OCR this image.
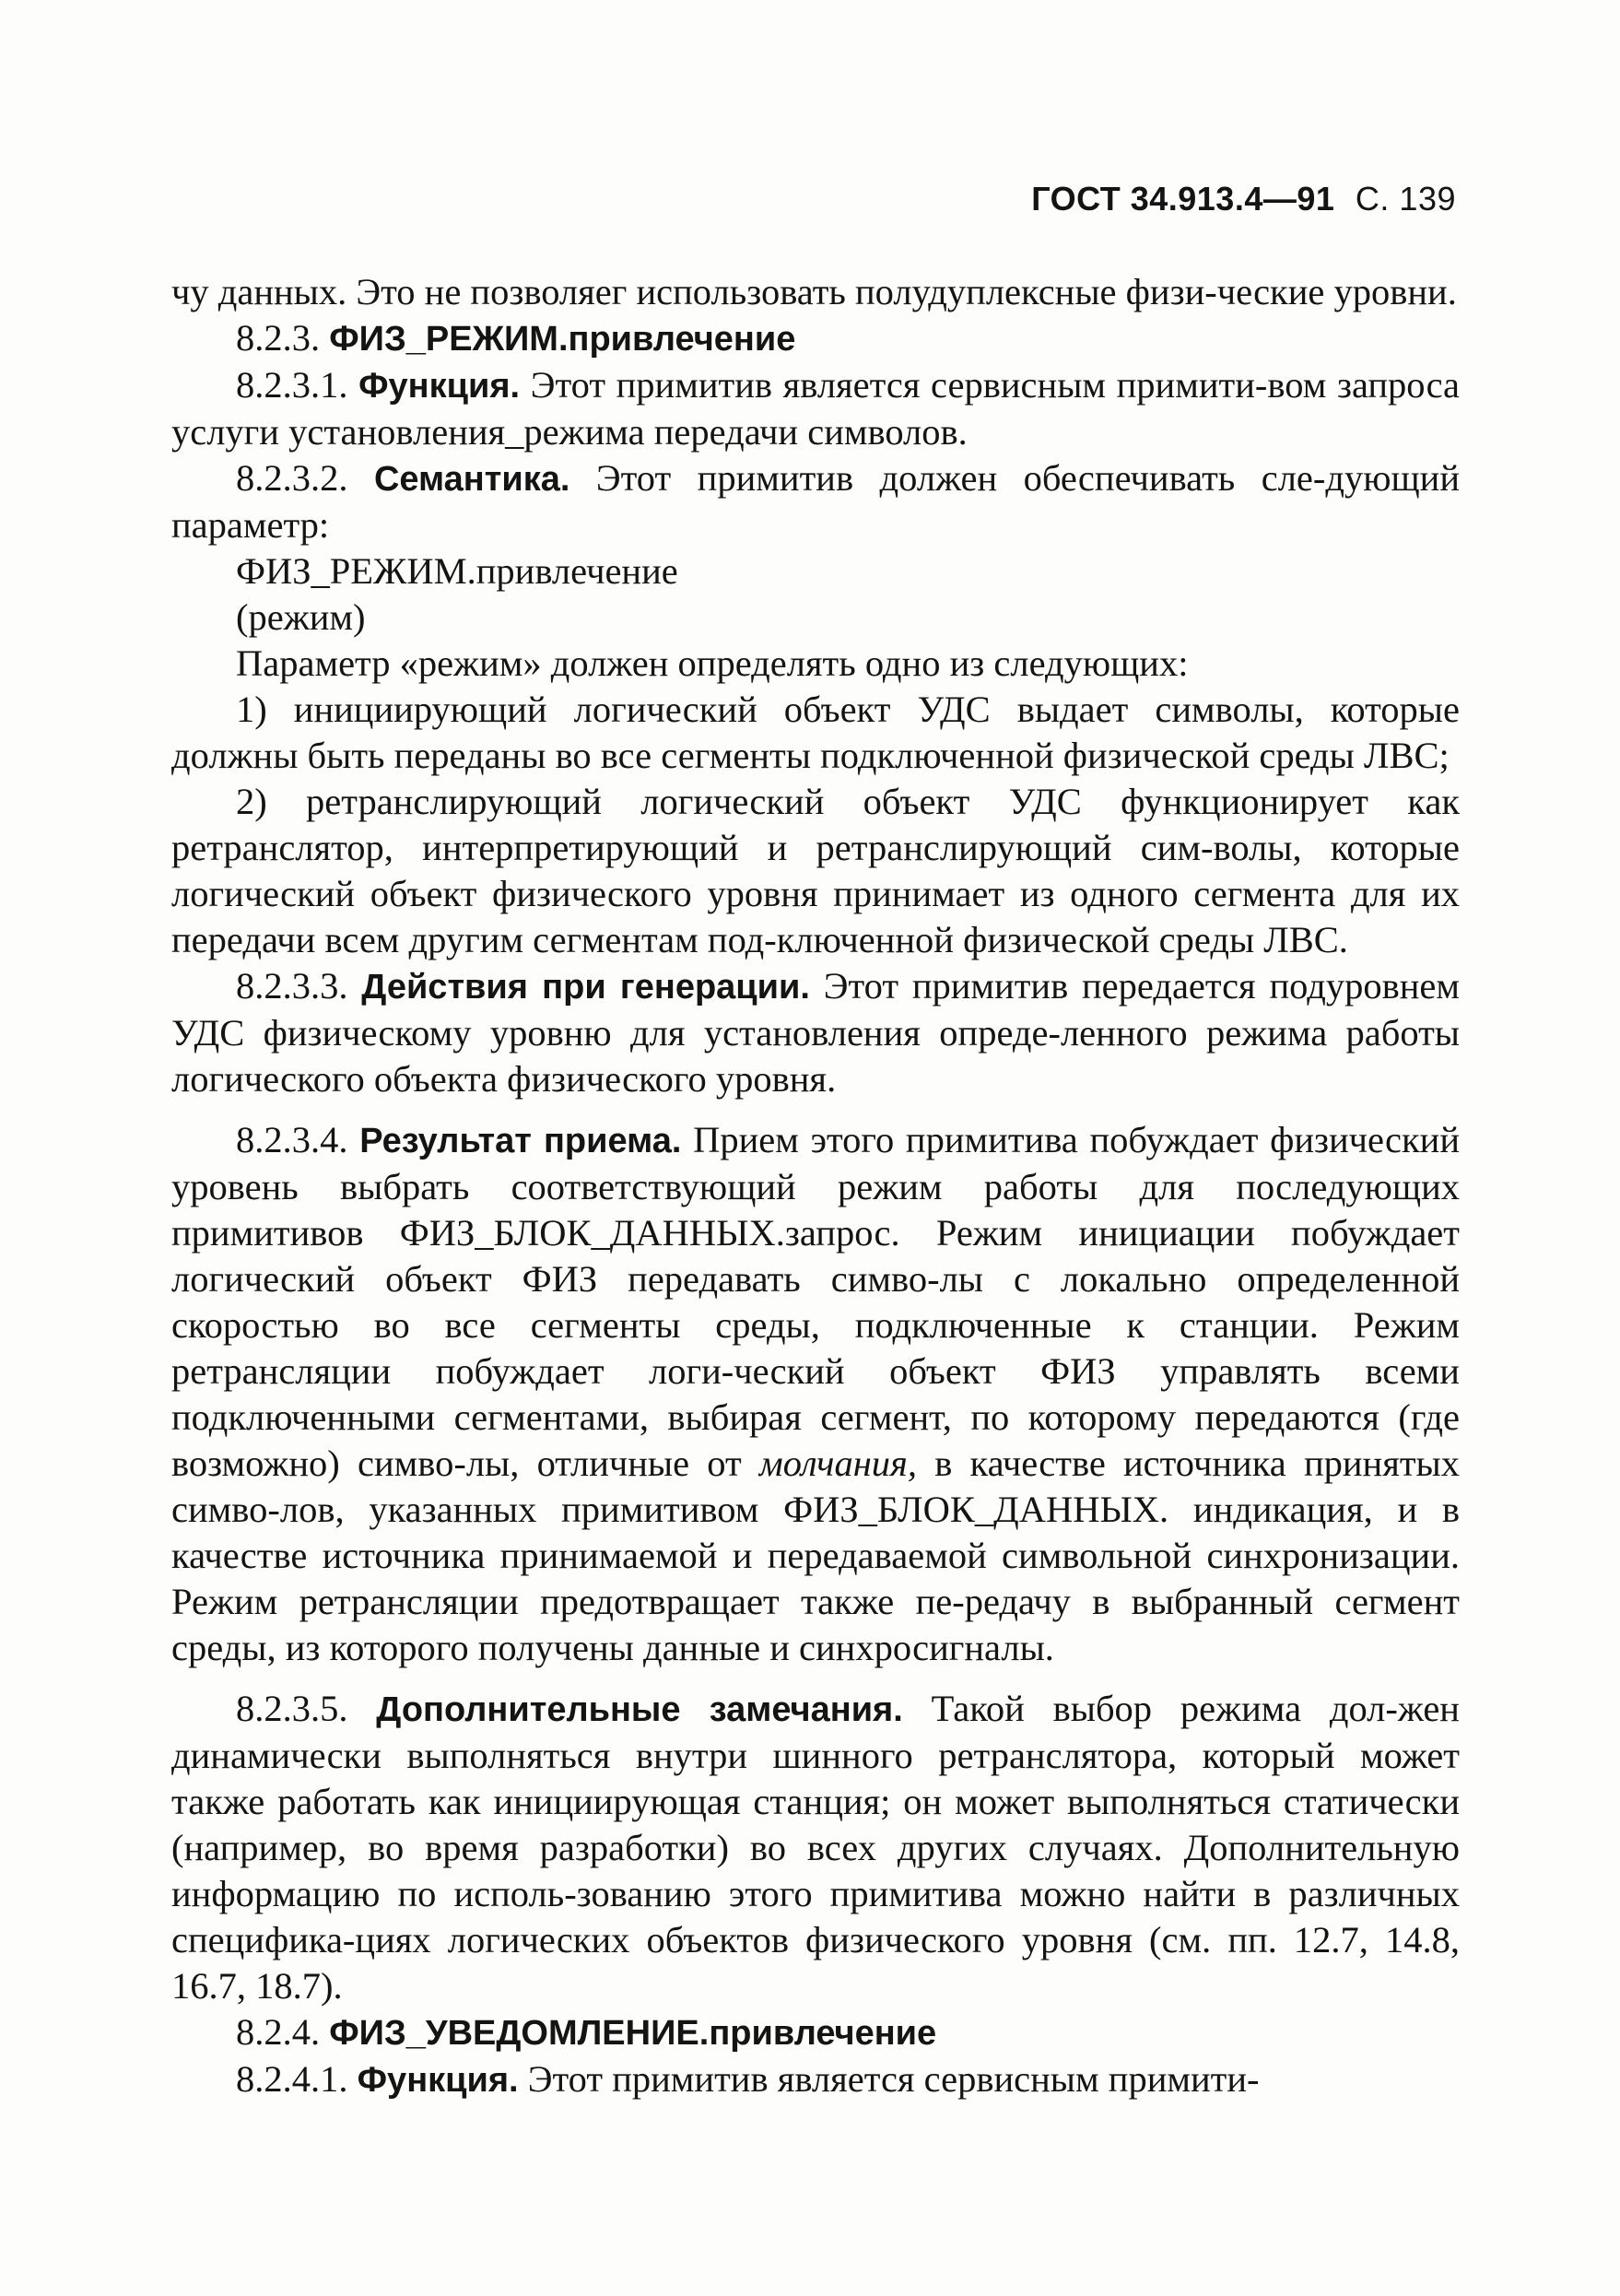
ГОСТ 34.913.4—91 С. 139

чу данных. Это не позволяег использовать полудуплексные физи-ческие уровни.

8.2.3. ФИЗ_РЕЖИМ.привлечение

8.2.3.1. Функция. Этот примитив является сервисным примити-вом запроса услуги установления_режима передачи символов.

8.2.3.2. Семантика. Этот примитив должен обеспечивать сле-дующий параметр:

ФИЗ_РЕЖИМ.привлечение

(режим)

Параметр «режим» должен определять одно из следующих:

1) инициирующий логический объект УДС выдает символы, которые должны быть переданы во все сегменты подключенной физической среды ЛВС;

2) ретранслирующий логический объект УДС функционирует как ретранслятор, интерпретирующий и ретранслирующий сим-волы, которые логический объект физического уровня принимает из одного сегмента для их передачи всем другим сегментам под-ключенной физической среды ЛВС.

8.2.3.3. Действия при генерации. Этот примитив передается подуровнем УДС физическому уровню для установления опреде-ленного режима работы логического объекта физического уровня.

8.2.3.4. Результат приема. Прием этого примитива побуждает физический уровень выбрать соответствующий режим работы для последующих примитивов ФИЗ_БЛОК_ДАННЫХ.запрос. Режим инициации побуждает логический объект ФИЗ передавать симво-лы с локально определенной скоростью во все сегменты среды, подключенные к станции. Режим ретрансляции побуждает логи-ческий объект ФИЗ управлять всеми подключенными сегментами, выбирая сегмент, по которому передаются (где возможно) симво-лы, отличные от молчания, в качестве источника принятых симво-лов, указанных примитивом ФИЗ_БЛОК_ДАННЫХ. индикация, и в качестве источника принимаемой и передаваемой символьной синхронизации. Режим ретрансляции предотвращает также пе-редачу в выбранный сегмент среды, из которого получены данные и синхросигналы.

8.2.3.5. Дополнительные замечания. Такой выбор режима дол-жен динамически выполняться внутри шинного ретранслятора, который может также работать как инициирующая станция; он может выполняться статически (например, во время разработки) во всех других случаях. Дополнительную информацию по исполь-зованию этого примитива можно найти в различных специфика-циях логических объектов физического уровня (см. пп. 12.7, 14.8, 16.7, 18.7).

8.2.4. ФИЗ_УВЕДОМЛЕНИЕ.привлечение

8.2.4.1. Функция. Этот примитив является сервисным примити-
